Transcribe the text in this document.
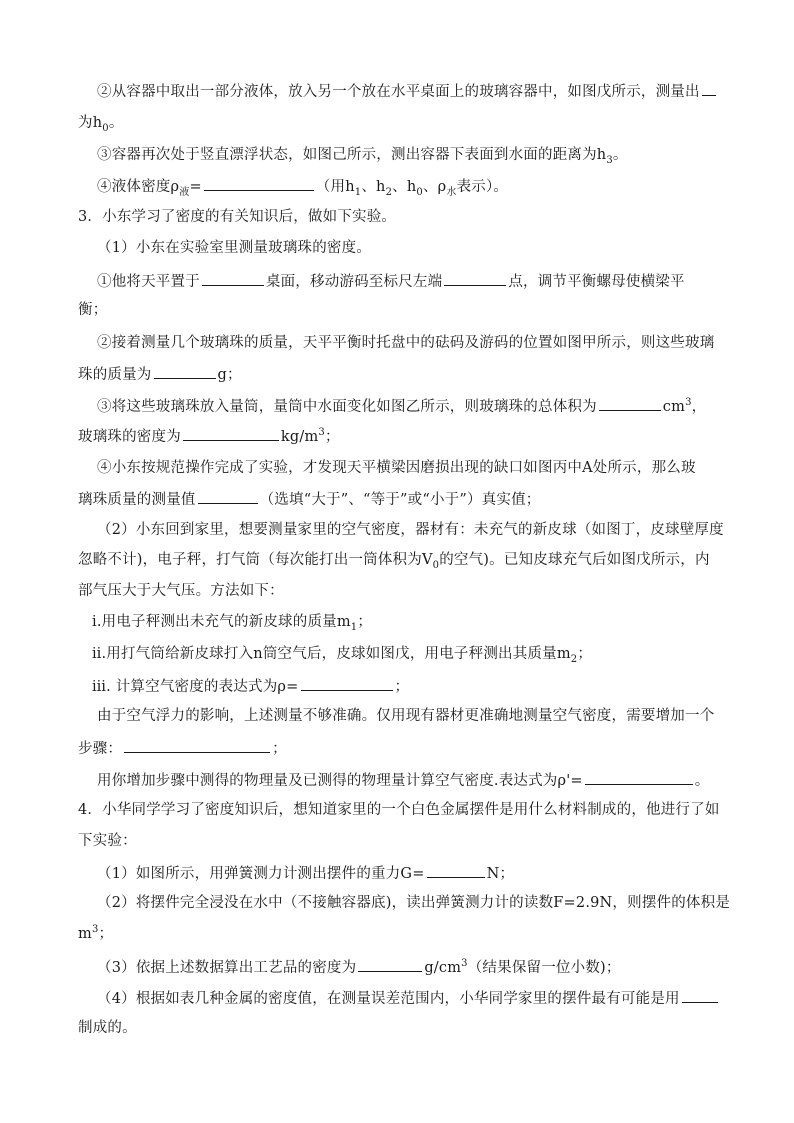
②从容器中取出一部分液体，放入另一个放在水平桌面上的玻璃容器中，如图戊所示，测量出
为$h_0$。
③容器再次处于竖直漂浮状态，如图己所示，测出容器下表面到水面的距离为$h_3$。
④液体密度$\rho_液=$	（用$h_1$、$h_2$、$h_0$、$\rho_水$表示）。
3．小东学习了密度的有关知识后，做如下实验。
（1）小东在实验室里测量玻璃珠的密度。
①他将天平置于	桌面，移动游码至标尺左端	点，调节平衡螺母使横梁平
衡；
②接着测量几个玻璃珠的质量，天平平衡时托盘中的砝码及游码的位置如图甲所示，则这些玻璃
珠的质量为	g；
③将这些玻璃珠放入量筒，量筒中水面变化如图乙所示，则玻璃珠的总体积为	$cm^3$，
玻璃珠的密度为	$kg/m^3$；
④小东按规范操作完成了实验，才发现天平横梁因磨损出现的缺口如图丙中A处所示，那么玻
璃珠质量的测量值	（选填“大于”、“等于”或“小于”）真实值；
（2）小东回到家里，想要测量家里的空气密度，器材有：未充气的新皮球（如图丁，皮球壁厚度
忽略不计)，电子秤，打气筒（每次能打出一筒体积为$V_0$的空气)。已知皮球充气后如图戊所示，内
部气压大于大气压。方法如下：
ⅰ.用电子秤测出未充气的新皮球的质量$m_1$；
ⅱ.用打气筒给新皮球打入n筒空气后，皮球如图戊，用电子秤测出其质量$m_2$；
ⅲ. 计算空气密度的表达式为ρ=	；
由于空气浮力的影响，上述测量不够准确。仅用现有器材更准确地测量空气密度，需要增加一个
步骤：	；
用你增加步骤中测得的物理量及已测得的物理量计算空气密度.表达式为ρ'=	。
4．小华同学学习了密度知识后，想知道家里的一个白色金属摆件是用什么材料制成的，他进行了如
下实验：
（1）如图所示，用弹簧测力计测出摆件的重力G=	N；
（2）将摆件完全浸没在水中（不接触容器底)，读出弹簧测力计的读数F=2.9N，则摆件的体积是
$m^3$；
（3）依据上述数据算出工艺品的密度为	$g/cm^3$（结果保留一位小数)；
（4）根据如表几种金属的密度值，在测量误差范围内，小华同学家里的摆件最有可能是用
制成的。
